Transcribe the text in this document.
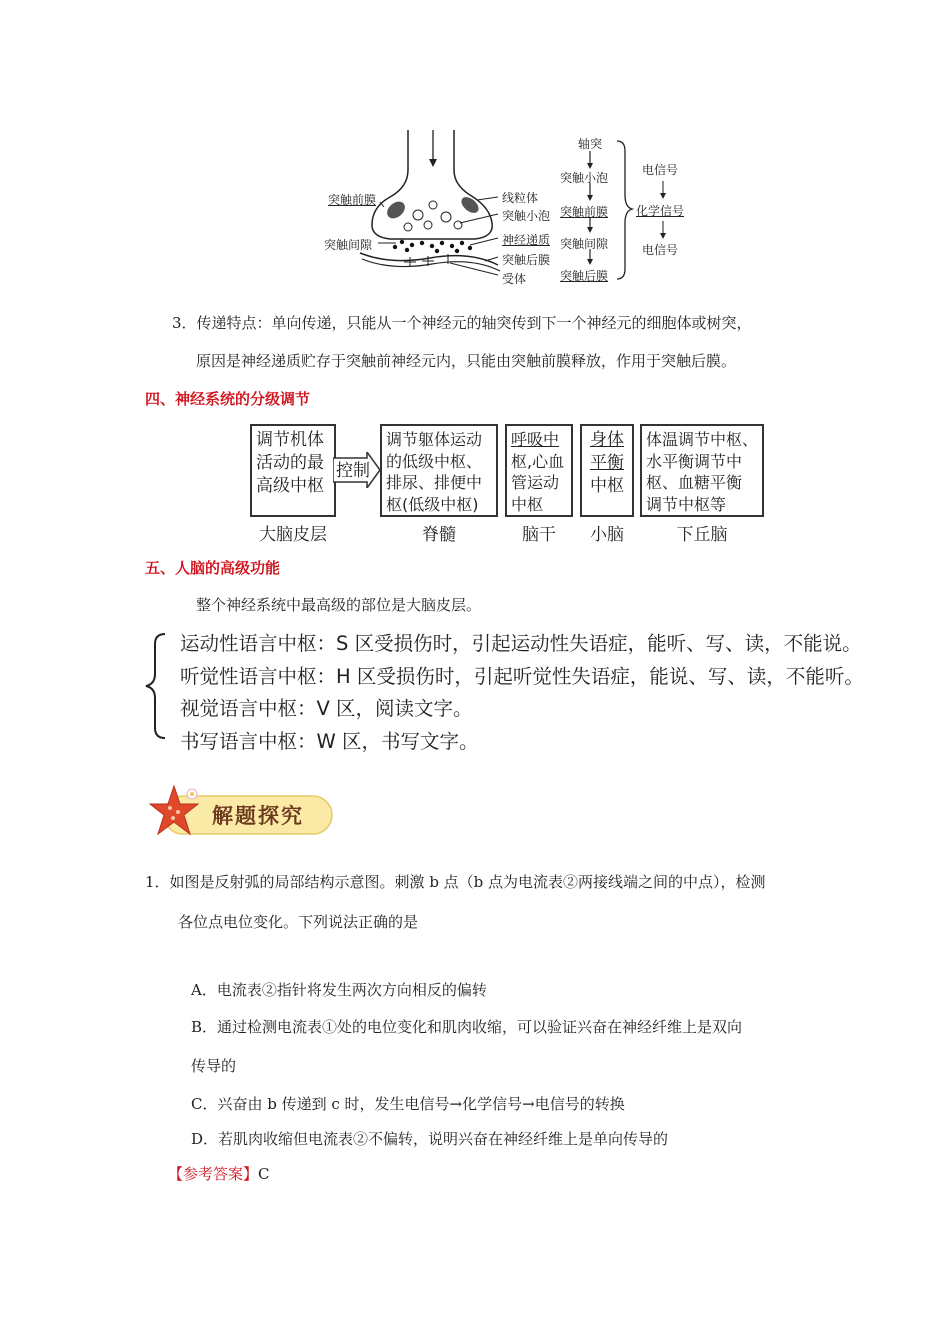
突触前膜
突触间隙
线粒体
突触小泡
神经递质
突触后膜
受体
轴突
突触小泡
突触前膜
突触间隙
突触后膜
电信号
化学信号
电信号
3．传递特点：单向传递，只能从一个神经元的轴突传到下一个神经元的细胞体或树突，
原因是神经递质贮存于突触前神经元内，只能由突触前膜释放，作用于突触后膜。
四、神经系统的分级调节
调节机体
活动的最
高级中枢
控制
调节躯体运动
的低级中枢、
排尿、排便中
枢(低级中枢)
呼吸中
枢,心血
管运动
中枢
身体
平衡
中枢
体温调节中枢、
水平衡调节中
枢、血糖平衡
调节中枢等
大脑皮层	脊髓	脑干	小脑	下丘脑
五、人脑的高级功能
整个神经系统中最高级的部位是大脑皮层。
运动性语言中枢：S 区受损伤时，引起运动性失语症，能听、写、读，不能说。
听觉性语言中枢：H 区受损伤时，引起听觉性失语症，能说、写、读，不能听。
视觉语言中枢：V 区，阅读文字。
书写语言中枢：W 区，书写文字。
解题探究
1．如图是反射弧的局部结构示意图。刺激 b 点（b 点为电流表②两接线端之间的中点），检测
各位点电位变化。下列说法正确的是
A．电流表②指针将发生两次方向相反的偏转
B．通过检测电流表①处的电位变化和肌肉收缩，可以验证兴奋在神经纤维上是双向
传导的
C．兴奋由 b 传递到 c 时，发生电信号→化学信号→电信号的转换
D．若肌肉收缩但电流表②不偏转，说明兴奋在神经纤维上是单向传导的
【参考答案】C
